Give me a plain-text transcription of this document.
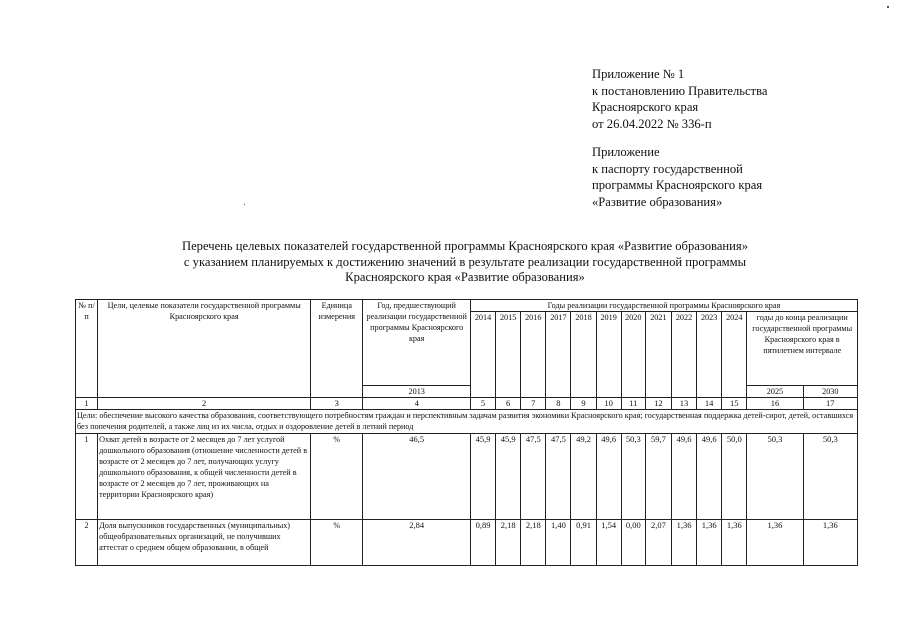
Приложение № 1
к постановлению Правительства
Красноярского края
от 26.04.2022 № 336-п
Приложение
к паспорту государственной
программы Красноярского края
«Развитие образования»
Перечень целевых показателей государственной программы Красноярского края «Развитие образования»
с указанием планируемых к достижению значений в результате реализации государственной программы
Красноярского края «Развитие образования»
№ п/п	Цели, целевые показатели государственной программы Красноярского края	Единица измерения	Год, предшествующий реализации государственной программы Красноярского края	Годы реализации государственной программы Красноярского края												
				2014	2015	2016	2017	2018	2019	2020	2021	2022	2023	2024	годы до конца реализации государственной программы Красноярского края в пятилетнем интервале	
			2013												2025	2030
1	2	3	4	5	6	7	8	9	10	11	12	13	14	15	16	17
Цели: обеспечение высокого качества образования, соответствующего потребностям граждан и перспективным задачам развития экономики Красноярского края; государственная поддержка детей-сирот, детей, оставшихся без попечения родителей, а также лиц из их числа, отдых и оздоровление детей в летний период																
1	Охват детей в возрасте от 2 месяцев до 7 лет услугой дошкольного образования (отношение численности детей в возрасте от 2 месяцев до 7 лет, получающих услугу дошкольного образования, к общей численности детей в возрасте от 2 месяцев до 7 лет, проживающих на территории Красноярского края)	%	46,5	45,9	45,9	47,5	47,5	49,2	49,6	50,3	59,7	49,6	49,6	50,0	50,3	50,3
2	Доля выпускников государственных (муниципальных) общеобразовательных организаций, не получивших аттестат о среднем общем образовании, в общей	%	2,84	0,89	2,18	2,18	1,40	0,91	1,54	0,00	2,07	1,36	1,36	1,36	1,36	1,36
